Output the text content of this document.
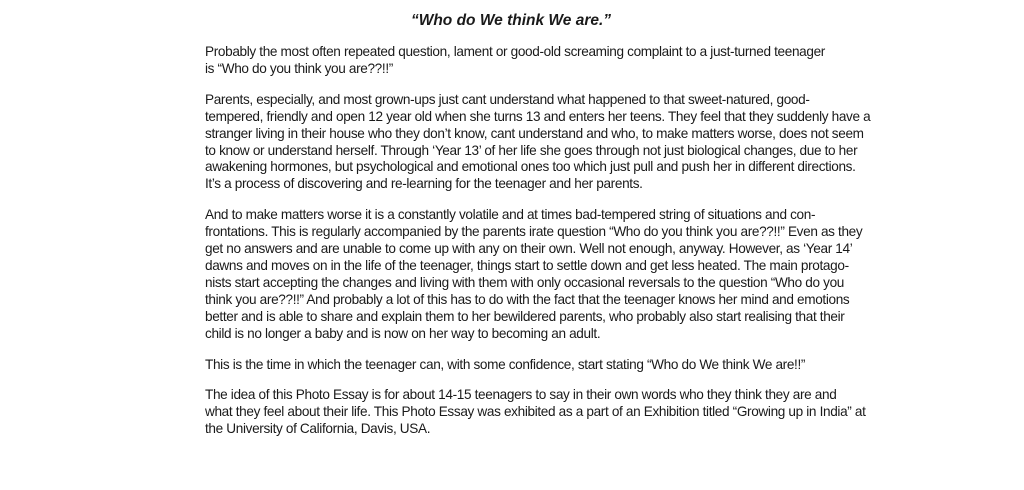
“Who do We think We are.”
Probably the most often repeated question, lament or good-old screaming complaint to a just-turned teenager
is “Who do you think you are??!!”
Parents, especially, and most grown-ups just cant understand what happened to that sweet-natured, good-
tempered, friendly and open 12 year old when she turns 13 and enters her teens. They feel that they suddenly have a
stranger living in their house who they don’t know, cant understand and who, to make matters worse, does not seem
to know or understand herself. Through ‘Year 13’ of her life she goes through not just biological changes, due to her
awakening hormones, but psychological and emotional ones too which just pull and push her in different directions.
It’s a process of discovering and re-learning for the teenager and her parents.
And to make matters worse it is a constantly volatile and at times bad-tempered string of situations and con-
frontations. This is regularly accompanied by the parents irate question “Who do you think you are??!!” Even as they
get no answers and are unable to come up with any on their own. Well not enough, anyway. However, as ‘Year 14’
dawns and moves on in the life of the teenager, things start to settle down and get less heated. The main protago-
nists start accepting the changes and living with them with only occasional reversals to the question “Who do you
think you are??!!” And probably a lot of this has to do with the fact that the teenager knows her mind and emotions
better and is able to share and explain them to her bewildered parents, who probably also start realising that their
child is no longer a baby and is now on her way to becoming an adult.
This is the time in which the teenager can, with some confidence, start stating “Who do We think We are!!”
The idea of this Photo Essay is for about 14-15 teenagers to say in their own words who they think they are and
what they feel about their life. This Photo Essay was exhibited as a part of an Exhibition titled “Growing up in India” at
the University of California, Davis, USA.
